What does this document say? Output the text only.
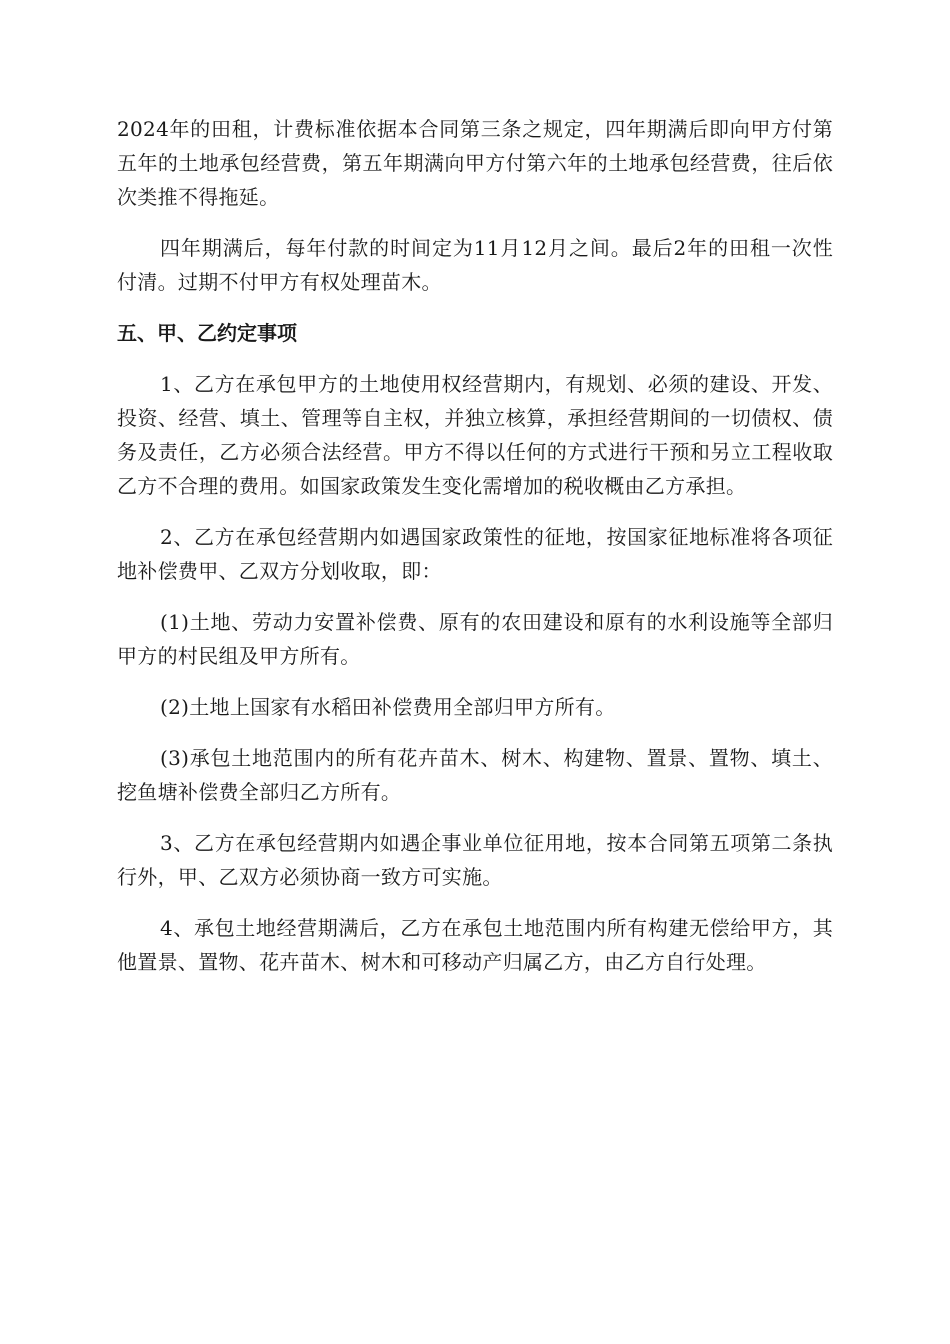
2024年的田租，计费标准依据本合同第三条之规定，四年期满后即向甲方付第五年的土地承包经营费，第五年期满向甲方付第六年的土地承包经营费，往后依次类推不得拖延。

四年期满后，每年付款的时间定为11月12月之间。最后2年的田租一次性付清。过期不付甲方有权处理苗木。

五、甲、乙约定事项

1、乙方在承包甲方的土地使用权经营期内，有规划、必须的建设、开发、投资、经营、填土、管理等自主权，并独立核算，承担经营期间的一切债权、债务及责任，乙方必须合法经营。甲方不得以任何的方式进行干预和另立工程收取乙方不合理的费用。如国家政策发生变化需增加的税收概由乙方承担。

2、乙方在承包经营期内如遇国家政策性的征地，按国家征地标准将各项征地补偿费甲、乙双方分划收取，即：

(1)土地、劳动力安置补偿费、原有的农田建设和原有的水利设施等全部归甲方的村民组及甲方所有。

(2)土地上国家有水稻田补偿费用全部归甲方所有。

(3)承包土地范围内的所有花卉苗木、树木、构建物、置景、置物、填土、挖鱼塘补偿费全部归乙方所有。

3、乙方在承包经营期内如遇企事业单位征用地，按本合同第五项第二条执行外，甲、乙双方必须协商一致方可实施。

4、承包土地经营期满后，乙方在承包土地范围内所有构建无偿给甲方，其他置景、置物、花卉苗木、树木和可移动产归属乙方，由乙方自行处理。
